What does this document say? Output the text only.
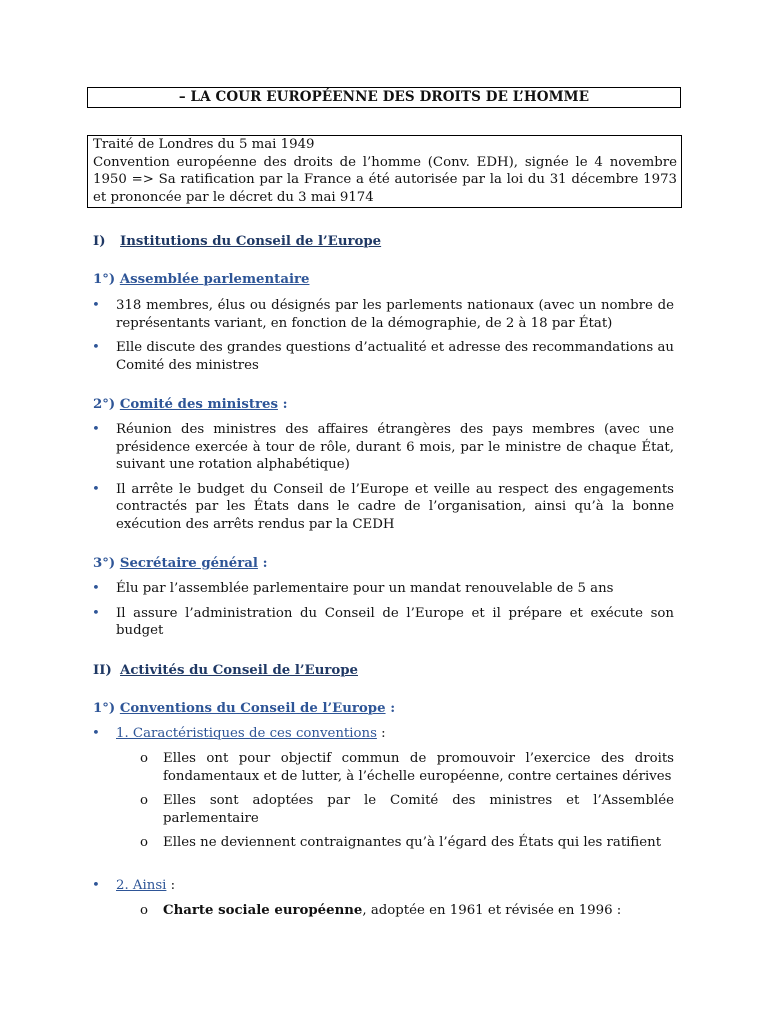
– LA COUR EUROPÉENNE DES DROITS DE L’HOMME

Traité de Londres du 5 mai 1949

Convention européenne des droits de l’homme (Conv. EDH), signée le 4 novembre 1950 => Sa ratification par la France a été autorisée par la loi du 31 décembre 1973 et prononcée par le décret du 3 mai 9174

I) Institutions du Conseil de l’Europe
1°) Assemblée parlementaire
• 318 membres, élus ou désignés par les parlements nationaux (avec un nombre de représentants variant, en fonction de la démographie, de 2 à 18 par État)
• Elle discute des grandes questions d’actualité et adresse des recommandations au Comité des ministres
2°) Comité des ministres :
• Réunion des ministres des affaires étrangères des pays membres (avec une présidence exercée à tour de rôle, durant 6 mois, par le ministre de chaque État, suivant une rotation alphabétique)
• Il arrête le budget du Conseil de l’Europe et veille au respect des engagements contractés par les États dans le cadre de l’organisation, ainsi qu’à la bonne exécution des arrêts rendus par la CEDH
3°) Secrétaire général :
• Élu par l’assemblée parlementaire pour un mandat renouvelable de 5 ans
• Il assure l’administration du Conseil de l’Europe et il prépare et exécute son budget
II) Activités du Conseil de l’Europe
1°) Conventions du Conseil de l’Europe :
• 1. Caractéristiques de ces conventions :
o Elles ont pour objectif commun de promouvoir l’exercice des droits fondamentaux et de lutter, à l’échelle européenne, contre certaines dérives
o Elles sont adoptées par le Comité des ministres et l’Assemblée parlementaire
o Elles ne deviennent contraignantes qu’à l’égard des États qui les ratifient
• 2. Ainsi :
o Charte sociale européenne, adoptée en 1961 et révisée en 1996 :
